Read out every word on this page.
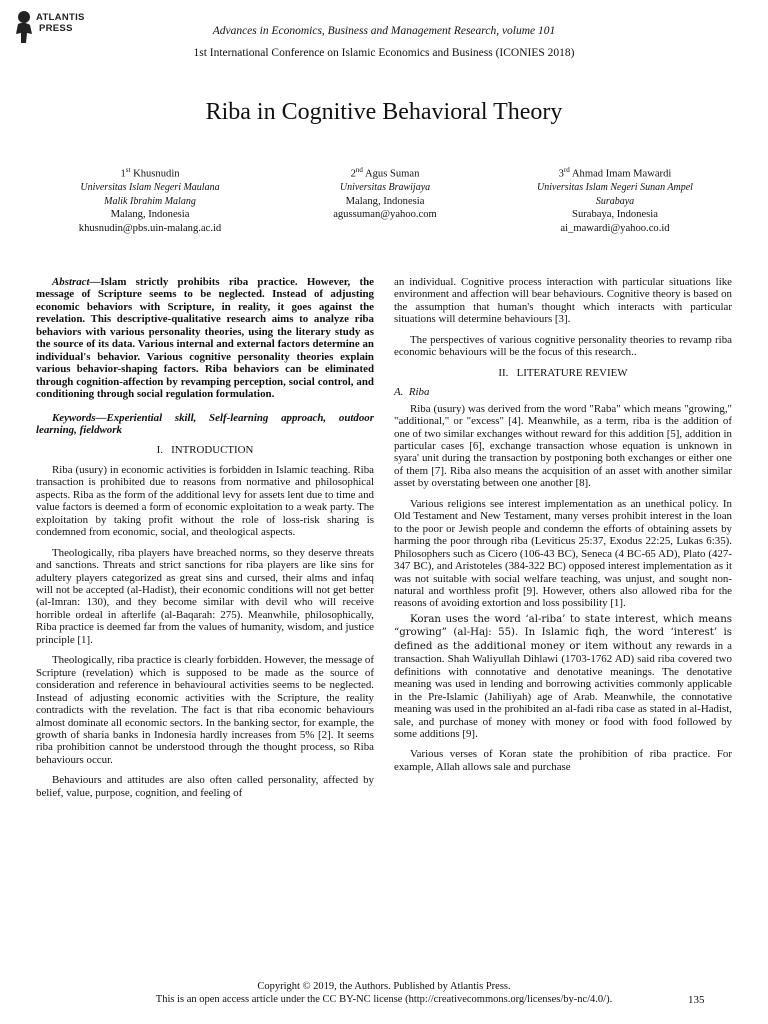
ATLANTIS
PRESS	Advances in Economics, Business and Management Research, volume 101
1st International Conference on Islamic Economics and Business (ICONIES 2018)
Riba in Cognitive Behavioral Theory
1st Khusnudin
Universitas Islam Negeri Maulana
Malik Ibrahim Malang
Malang, Indonesia
khusnudin@pbs.uin-malang.ac.id
2nd Agus Suman
Universitas Brawijaya
Malang, Indonesia
agussuman@yahoo.com
3rd Ahmad Imam Mawardi
Universitas Islam Negeri Sunan Ampel
Surabaya
Surabaya, Indonesia
ai_mawardi@yahoo.co.id

Abstract—Islam strictly prohibits riba practice. However, the message of Scripture seems to be neglected. Instead of adjusting economic behaviors with Scripture, in reality, it goes against the revelation. This descriptive-qualitative research aims to analyze riba behaviors with various personality theories, using the literary study as the source of its data. Various internal and external factors determine an individual's behavior. Various cognitive personality theories explain various behavior-shaping factors. Riba behaviors can be eliminated through cognition-affection by revamping perception, social control, and conditioning through social regulation formulation.

Keywords—Experiential skill, Self-learning approach, outdoor learning, fieldwork

I. INTRODUCTION

Riba (usury) in economic activities is forbidden in Islamic teaching. Riba transaction is prohibited due to reasons from normative and philosophical aspects. Riba as the form of the additional levy for assets lent due to time and value factors is deemed a form of economic exploitation to a weak party. The exploitation by taking profit without the role of loss-risk sharing is condemned from economic, social, and theological aspects.

Theologically, riba players have breached norms, so they deserve threats and sanctions. Threats and strict sanctions for riba players are like sins for adultery players categorized as great sins and cursed, their alms and infaq will not be accepted (al-Hadist), their economic conditions will not get better (al-Imran: 130), and they become similar with devil who will receive horrible ordeal in afterlife (al-Baqarah: 275). Meanwhile, philosophically, Riba practice is deemed far from the values of humanity, wisdom, and justice principle [1].

Theologically, riba practice is clearly forbidden. However, the message of Scripture (revelation) which is supposed to be made as the source of consideration and reference in behavioural activities seems to be neglected. Instead of adjusting economic activities with the Scripture, the reality contradicts with the revelation. The fact is that riba economic behaviours almost dominate all economic sectors. In the banking sector, for example, the growth of sharia banks in Indonesia hardly increases from 5% [2]. It seems riba prohibition cannot be understood through the thought process, so Riba behaviours occur.

Behaviours and attitudes are also often called personality, affected by belief, value, purpose, cognition, and feeling of

an individual. Cognitive process interaction with particular situations like environment and affection will bear behaviours. Cognitive theory is based on the assumption that human's thought which interacts with particular situations will determine behaviours [3].

The perspectives of various cognitive personality theories to revamp riba economic behaviours will be the focus of this research..

II.   LITERATURE REVIEW

A.  Riba

Riba (usury) was derived from the word "Raba" which means "growing," "additional," or "excess" [4]. Meanwhile, as a term, riba is the addition of one of two similar exchanges without reward for this addition [5], addition in particular cases [6], exchange transaction whose equation is unknown in syara' unit during the transaction by postponing both exchanges or either one of them [7]. Riba also means the acquisition of an asset with another similar asset by overstating between one another [8].

Various religions see interest implementation as an unethical policy. In Old Testament and New Testament, many verses prohibit interest in the loan to the poor or Jewish people and condemn the efforts of obtaining assets by harming the poor through riba (Leviticus 25:37, Exodus 22:25, Lukas 6:35). Philosophers such as Cicero (106-43 BC), Seneca (4 BC-65 AD), Plato (427-347 BC), and Aristoteles (384-322 BC) opposed interest implementation as it was not suitable with social welfare teaching, was unjust, and sought non-natural and worthless profit [9]. However, others also allowed riba for the reasons of avoiding extortion and loss possibility [1].

Koran uses the word ‘al-riba’ to state interest, which means “growing” (al-Haj: 55). In Islamic fiqh, the word ‘interest’ is defined as the additional money or item without any rewards in a transaction. Shah Waliyullah Dihlawi (1703-1762 AD) said riba covered two definitions with connotative and denotative meanings. The denotative meaning was used in lending and borrowing activities commonly applicable in the Pre-Islamic (Jahiliyah) age of Arab. Meanwhile, the connotative meaning was used in the prohibited an al-fadi riba case as stated in al-Hadist, sale, and purchase of money with money or food with food followed by some additions [9].

Various verses of Koran state the prohibition of riba practice. For example, Allah allows sale and purchase

Copyright © 2019, the Authors. Published by Atlantis Press.
This is an open access article under the CC BY-NC license (http://creativecommons.org/licenses/by-nc/4.0/).	135
